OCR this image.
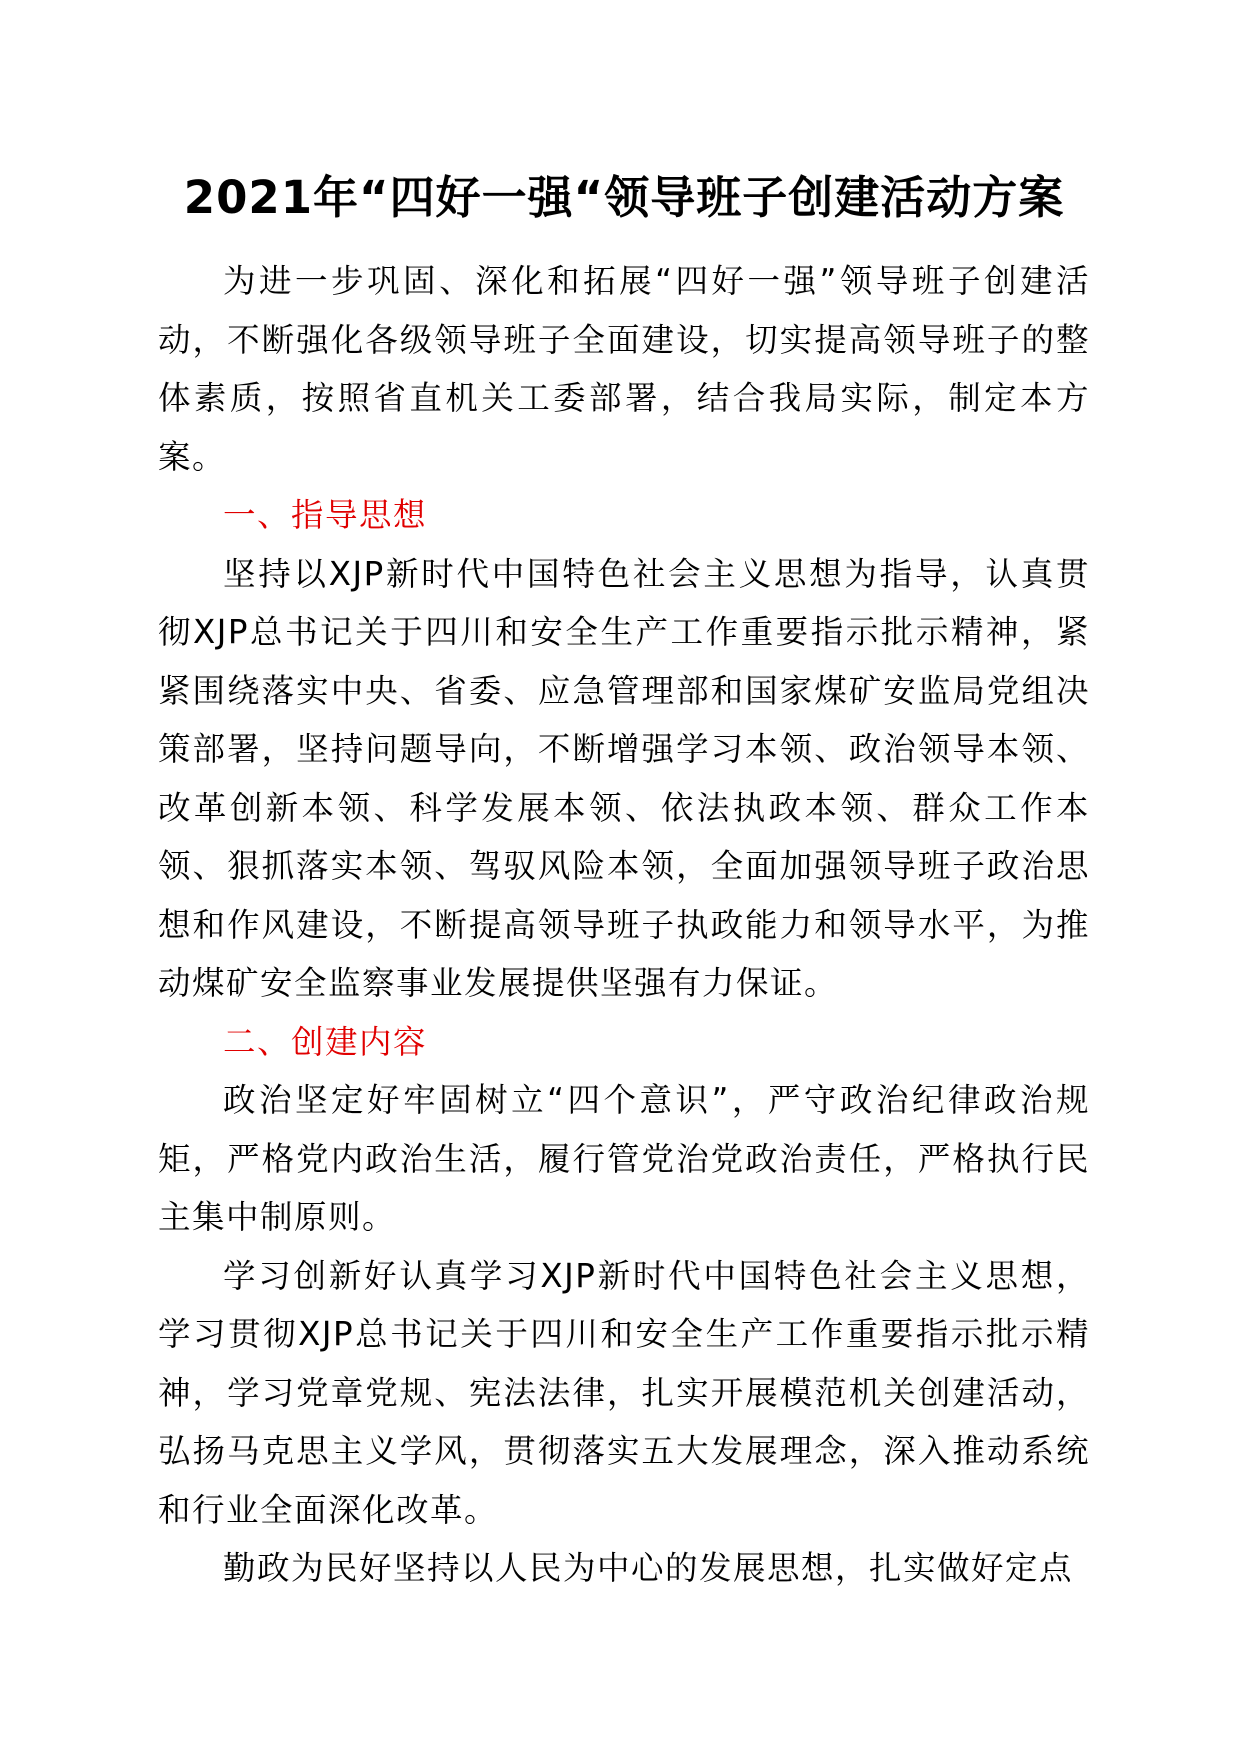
2021年“四好一强“领导班子创建活动方案

为进一步巩固、深化和拓展“四好一强”领导班子创建活动，不断强化各级领导班子全面建设，切实提高领导班子的整体素质，按照省直机关工委部署，结合我局实际，制定本方案。

一、指导思想

坚持以XJP新时代中国特色社会主义思想为指导，认真贯彻XJP总书记关于四川和安全生产工作重要指示批示精神，紧紧围绕落实中央、省委、应急管理部和国家煤矿安监局党组决策部署，坚持问题导向，不断增强学习本领、政治领导本领、改革创新本领、科学发展本领、依法执政本领、群众工作本领、狠抓落实本领、驾驭风险本领，全面加强领导班子政治思想和作风建设，不断提高领导班子执政能力和领导水平，为推动煤矿安全监察事业发展提供坚强有力保证。

二、创建内容

政治坚定好牢固树立“四个意识”，严守政治纪律政治规矩，严格党内政治生活，履行管党治党政治责任，严格执行民主集中制原则。

学习创新好认真学习XJP新时代中国特色社会主义思想，学习贯彻XJP总书记关于四川和安全生产工作重要指示批示精神，学习党章党规、宪法法律，扎实开展模范机关创建活动，弘扬马克思主义学风，贯彻落实五大发展理念，深入推动系统和行业全面深化改革。

勤政为民好坚持以人民为中心的发展思想，扎实做好定点
